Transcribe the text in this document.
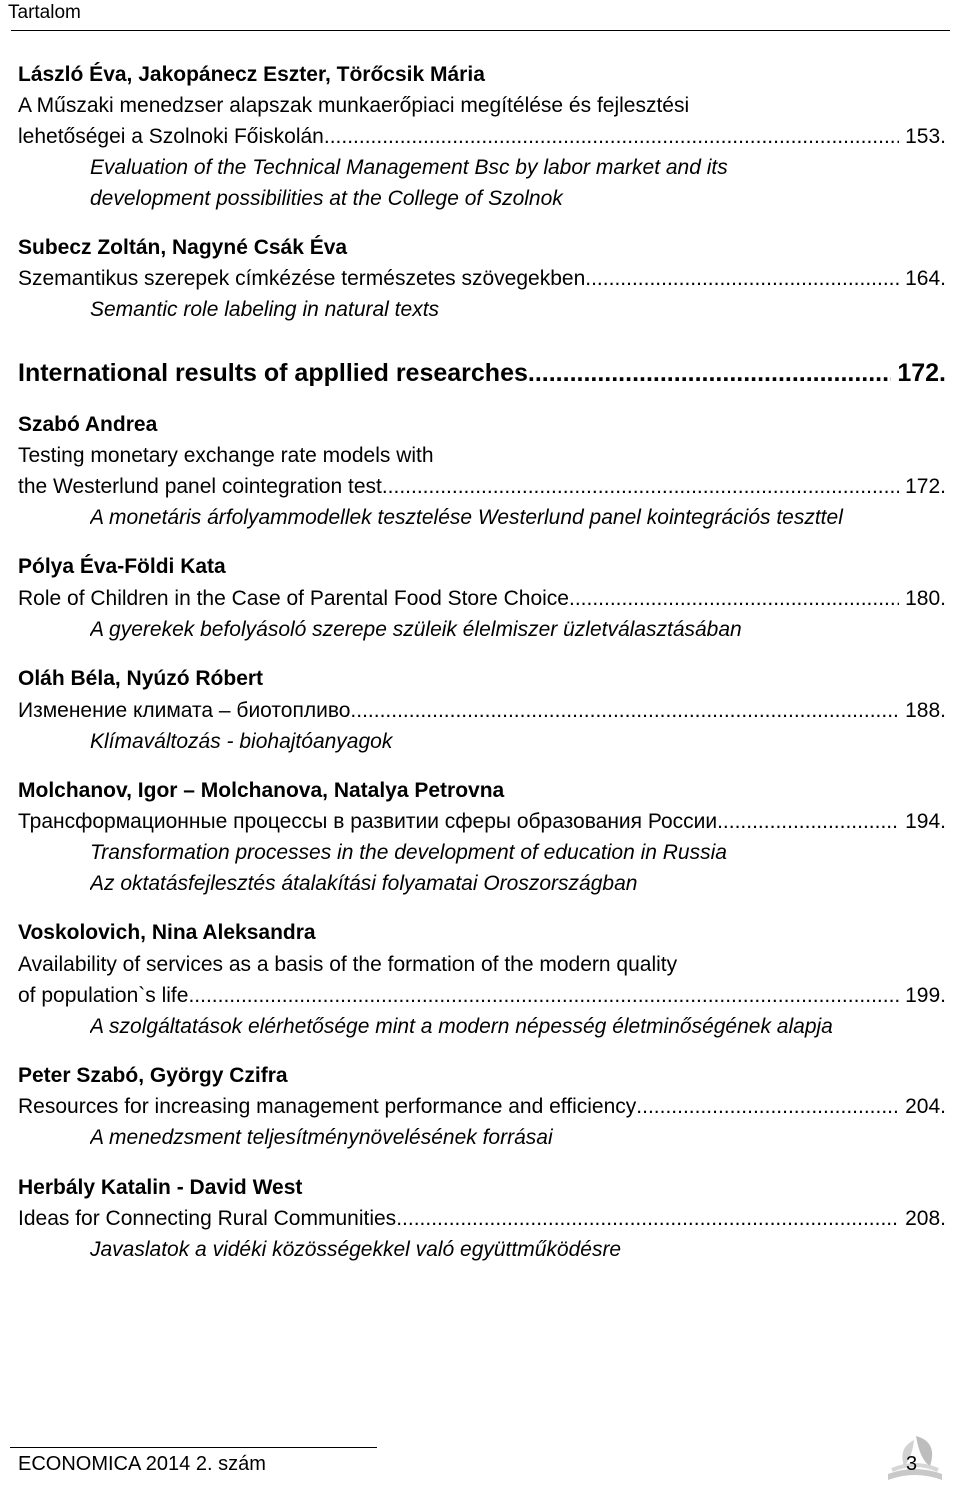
Tartalom
László Éva, Jakopánecz Eszter, Törőcsik Mária
A Műszaki menedzser alapszak munkaerőpiaci megítélése és fejlesztési
lehetőségei a Szolnoki Főiskolán .....	153.
Evaluation of the Technical Management Bsc by labor market and its
development possibilities at the College of Szolnok
Subecz Zoltán, Nagyné Csák Éva
Szemantikus szerepek címkézése természetes szövegekben .....	164.
Semantic role labeling in natural texts
International results of appllied researches .....	172.
Szabó Andrea
Testing monetary exchange rate models with
the Westerlund panel cointegration test .....	172.
A monetáris árfolyammodellek tesztelése Westerlund panel kointegrációs teszttel
Pólya Éva-Földi Kata
Role of Children in the Case of Parental Food Store Choice .....	180.
A gyerekek befolyásoló szerepe szüleik élelmiszer üzletválasztásában
Oláh Béla, Nyúzó Róbert
Изменение климата – биотопливо .....	188.
Klímaváltozás - biohajtóanyagok
Molchanov, Igor – Molchanova, Natalya Petrovna
Трансформационные процессы в развитии сферы образования России .....	194.
Transformation processes in the development of education in Russia
Az oktatásfejlesztés átalakítási folyamatai Oroszországban
Voskolovich, Nina Aleksandra
Availability of services as a basis of the formation of the modern quality
of population`s life .....	199.
A szolgáltatások elérhetősége mint a modern népesség életminőségének alapja
Peter Szabó, György Czifra
Resources for increasing management performance and efficiency .....	204.
A menedzsment teljesítménynövelésének forrásai
Herbály Katalin - David West
Ideas for Connecting Rural Communities .....	208.
Javaslatok a vidéki közösségekkel való együttműködésre
ECONOMICA 2014 2. szám	3
